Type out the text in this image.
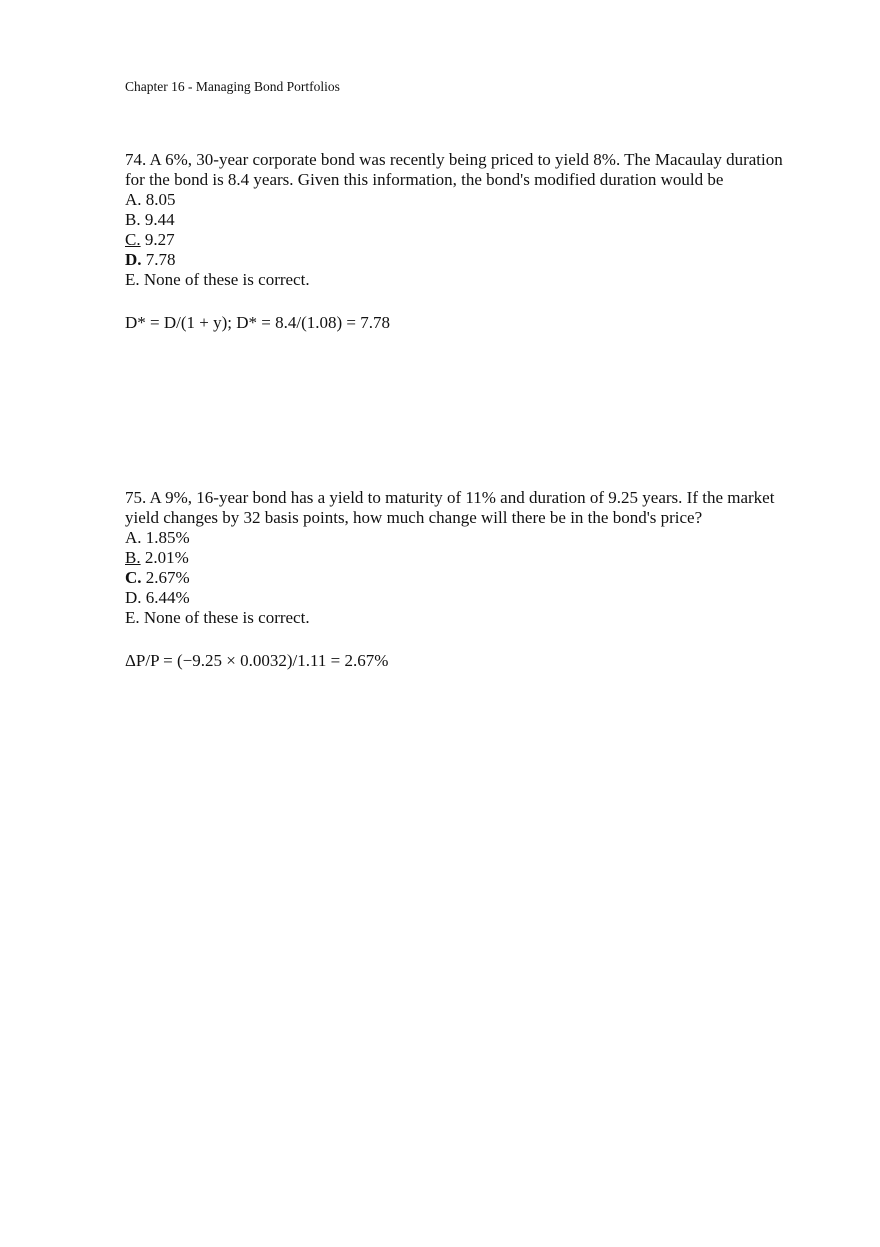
Chapter 16 - Managing Bond Portfolios

74. A 6%, 30-year corporate bond was recently being priced to yield 8%. The Macaulay duration for the bond is 8.4 years. Given this information, the bond's modified duration would be

A. 8.05
B. 9.44
C. 9.27
D. 7.78
E. None of these is correct.

D* = D/(1 + y); D* = 8.4/(1.08) = 7.78

75. A 9%, 16-year bond has a yield to maturity of 11% and duration of 9.25 years. If the market yield changes by 32 basis points, how much change will there be in the bond's price?

A. 1.85%
B. 2.01%
C. 2.67%
D. 6.44%
E. None of these is correct.

ΔP/P = (−9.25 × 0.0032)/1.11 = 2.67%
